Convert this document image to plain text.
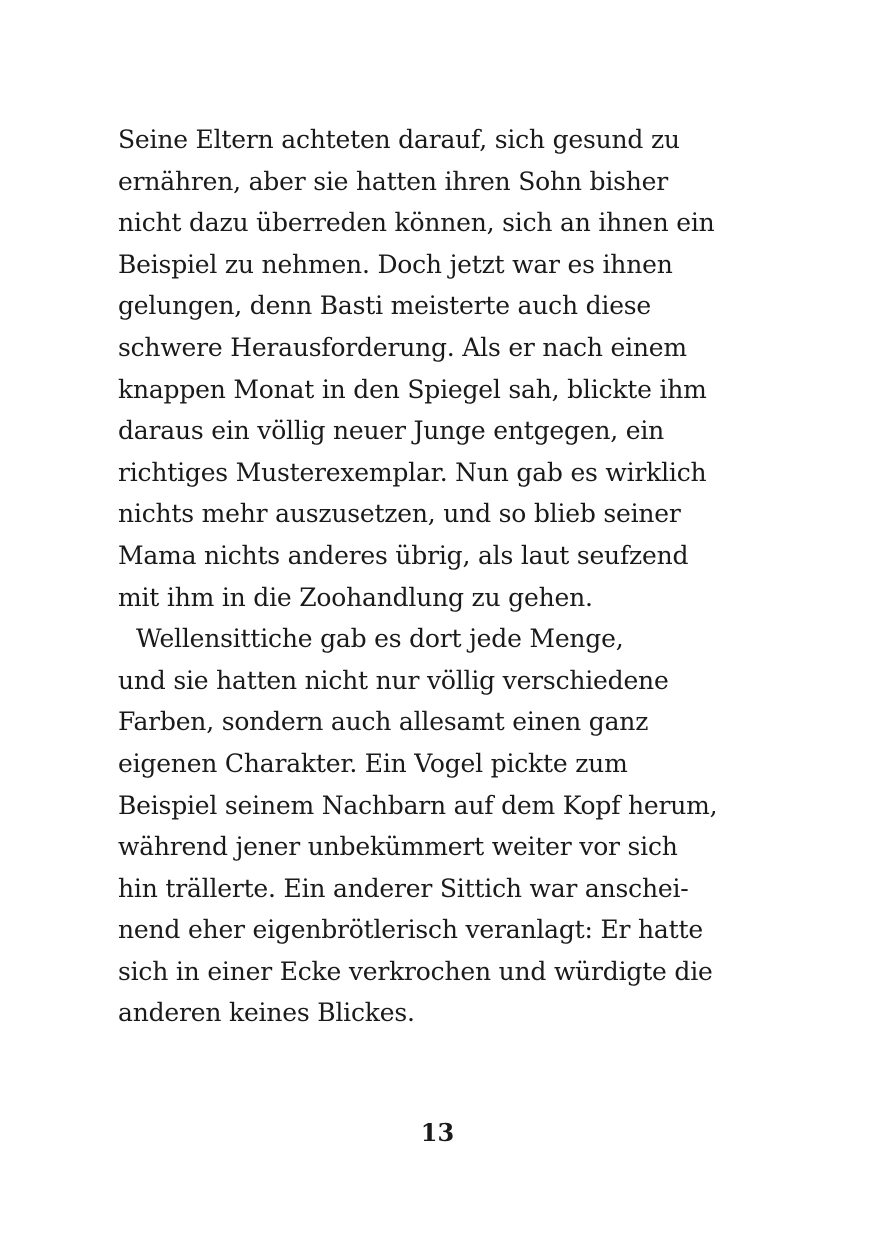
Seine Eltern achteten darauf, sich gesund zu
ernähren, aber sie hatten ihren Sohn bisher
nicht dazu überreden können, sich an ihnen ein
Beispiel zu nehmen. Doch jetzt war es ihnen
gelungen, denn Basti meisterte auch diese
schwere Herausforderung. Als er nach einem
knappen Monat in den Spiegel sah, blickte ihm
daraus ein völlig neuer Junge entgegen, ein
richtiges Musterexemplar. Nun gab es wirklich
nichts mehr auszusetzen, und so blieb seiner
Mama nichts anderes übrig, als laut seufzend
mit ihm in die Zoohandlung zu gehen.
Wellensittiche gab es dort jede Menge,
und sie hatten nicht nur völlig verschiedene
Farben, sondern auch allesamt einen ganz
eigenen Charakter. Ein Vogel pickte zum
Beispiel seinem Nachbarn auf dem Kopf herum,
während jener unbekümmert weiter vor sich
hin trällerte. Ein anderer Sittich war anschei-
nend eher eigenbrötlerisch veranlagt: Er hatte
sich in einer Ecke verkrochen und würdigte die
anderen keines Blickes.
13
